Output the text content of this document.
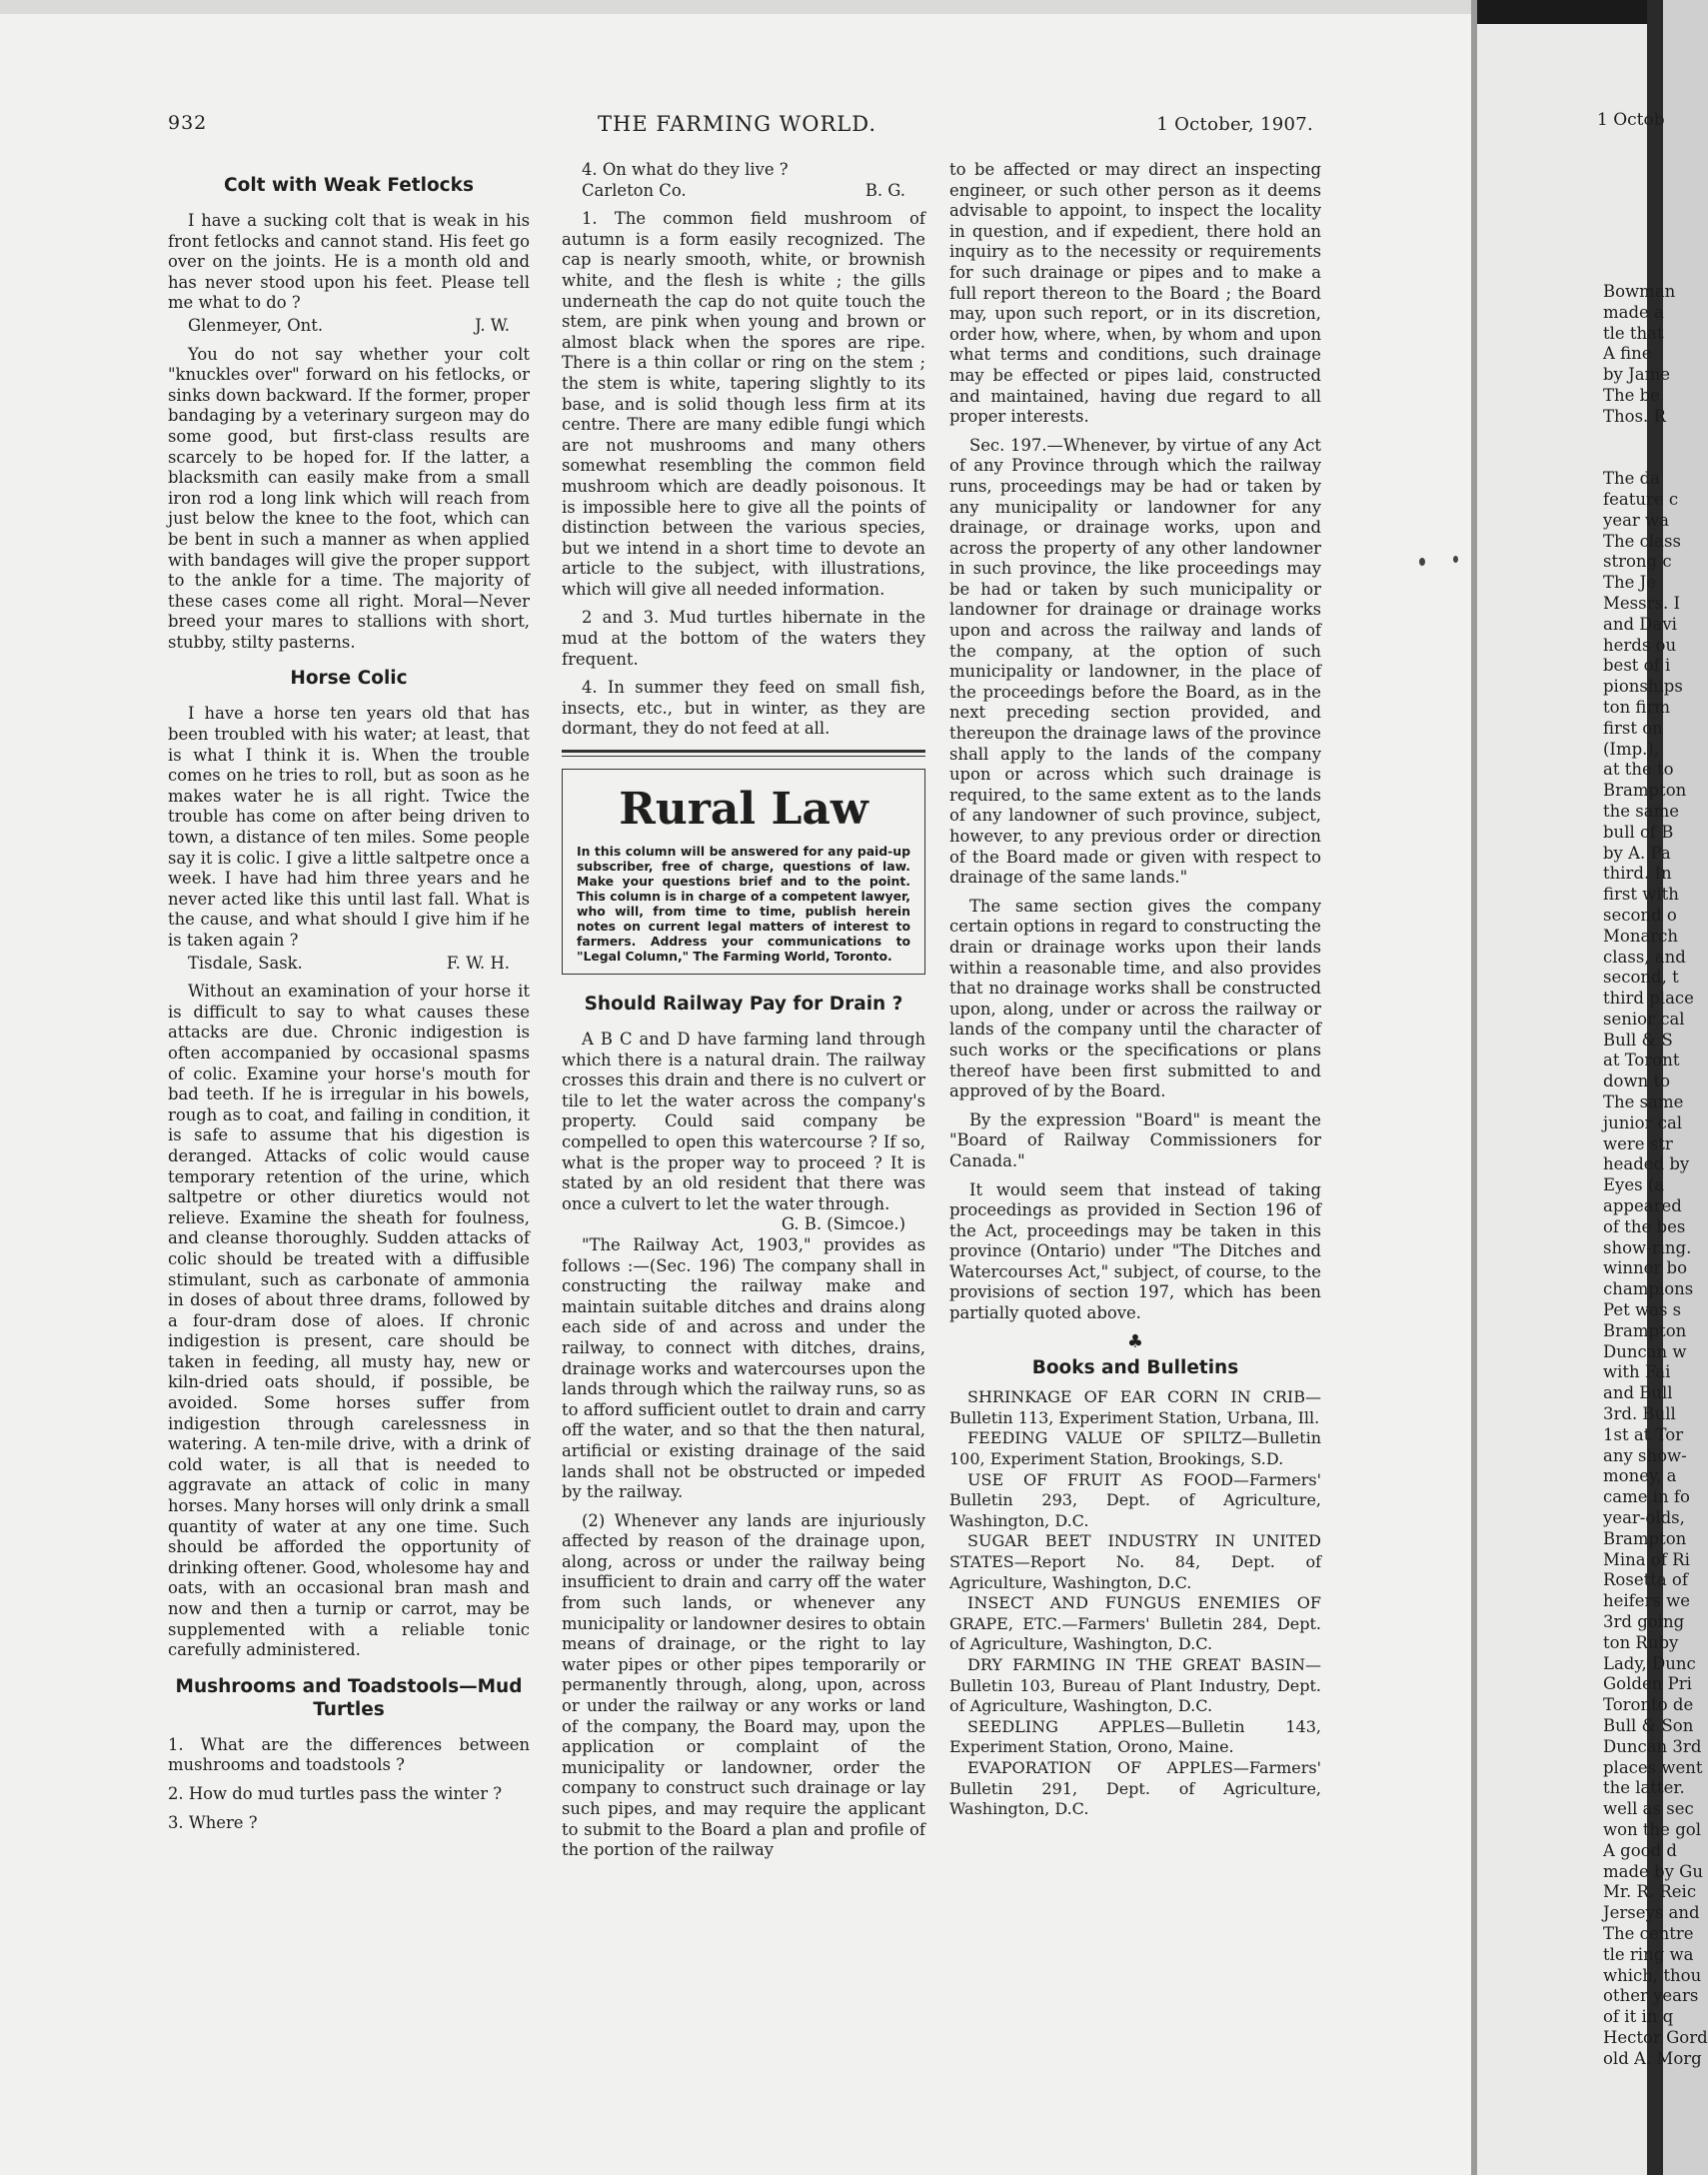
932	THE FARMING WORLD.	1 October, 1907.
Colt with Weak Fetlocks

I have a sucking colt that is weak in his front fetlocks and cannot stand. His feet go over on the joints. He is a month old and has never stood upon his feet. Please tell me what to do ?

Glenmeyer, Ont.	J. W.

You do not say whether your colt "knuckles over" forward on his fetlocks, or sinks down backward. If the former, proper bandaging by a veterinary surgeon may do some good, but first-class results are scarcely to be hoped for. If the latter, a blacksmith can easily make from a small iron rod a long link which will reach from just below the knee to the foot, which can be bent in such a manner as when applied with bandages will give the proper support to the ankle for a time. The majority of these cases come all right. Moral—Never breed your mares to stallions with short, stubby, stilty pasterns.

Horse Colic

I have a horse ten years old that has been troubled with his water; at least, that is what I think it is. When the trouble comes on he tries to roll, but as soon as he makes water he is all right. Twice the trouble has come on after being driven to town, a distance of ten miles. Some people say it is colic. I give a little saltpetre once a week. I have had him three years and he never acted like this until last fall. What is the cause, and what should I give him if he is taken again ?

Tisdale, Sask.	F. W. H.

Without an examination of your horse it is difficult to say to what causes these attacks are due. Chronic indigestion is often accompanied by occasional spasms of colic. Examine your horse's mouth for bad teeth. If he is irregular in his bowels, rough as to coat, and failing in condition, it is safe to assume that his digestion is deranged. Attacks of colic would cause temporary retention of the urine, which saltpetre or other diuretics would not relieve. Examine the sheath for foulness, and cleanse thoroughly. Sudden attacks of colic should be treated with a diffusible stimulant, such as carbonate of ammonia in doses of about three drams, followed by a four-dram dose of aloes. If chronic indigestion is present, care should be taken in feeding, all musty hay, new or kiln-dried oats should, if possible, be avoided. Some horses suffer from indigestion through carelessness in watering. A ten-mile drive, with a drink of cold water, is all that is needed to aggravate an attack of colic in many horses. Many horses will only drink a small quantity of water at any one time. Such should be afforded the opportunity of drinking oftener. Good, wholesome hay and oats, with an occasional bran mash and now and then a turnip or carrot, may be supplemented with a reliable tonic carefully administered.

Mushrooms and Toadstools—Mud Turtles

1. What are the differences between mushrooms and toadstools ?

2. How do mud turtles pass the winter ?

3. Where ?

4. On what do they live ?

Carleton Co.	B. G.

1. The common field mushroom of autumn is a form easily recognized. The cap is nearly smooth, white, or brownish white, and the flesh is white ; the gills underneath the cap do not quite touch the stem, are pink when young and brown or almost black when the spores are ripe. There is a thin collar or ring on the stem ; the stem is white, tapering slightly to its base, and is solid though less firm at its centre. There are many edible fungi which are not mushrooms and many others somewhat resembling the common field mushroom which are deadly poisonous. It is impossible here to give all the points of distinction between the various species, but we intend in a short time to devote an article to the subject, with illustrations, which will give all needed information.

2 and 3. Mud turtles hibernate in the mud at the bottom of the waters they frequent.

4. In summer they feed on small fish, insects, etc., but in winter, as they are dormant, they do not feed at all.

Rural Law
In this column will be answered for any paid-up subscriber, free of charge, questions of law. Make your questions brief and to the point. This column is in charge of a competent lawyer, who will, from time to time, publish herein notes on current legal matters of interest to farmers. Address your communications to "Legal Column," The Farming World, Toronto.
Should Railway Pay for Drain ?

A B C and D have farming land through which there is a natural drain. The railway crosses this drain and there is no culvert or tile to let the water across the company's property. Could said company be compelled to open this watercourse ? If so, what is the proper way to proceed ? It is stated by an old resident that there was once a culvert to let the water through.

G. B. (Simcoe.)

"The Railway Act, 1903," provides as follows :—(Sec. 196) The company shall in constructing the railway make and maintain suitable ditches and drains along each side of and across and under the railway, to connect with ditches, drains, drainage works and watercourses upon the lands through which the railway runs, so as to afford sufficient outlet to drain and carry off the water, and so that the then natural, artificial or existing drainage of the said lands shall not be obstructed or impeded by the railway.

(2) Whenever any lands are injuriously affected by reason of the drainage upon, along, across or under the railway being insufficient to drain and carry off the water from such lands, or whenever any municipality or landowner desires to obtain means of drainage, or the right to lay water pipes or other pipes temporarily or permanently through, along, upon, across or under the railway or any works or land of the company, the Board may, upon the application or complaint of the municipality or landowner, order the company to construct such drainage or lay such pipes, and may require the applicant to submit to the Board a plan and profile of the portion of the railway

to be affected or may direct an inspecting engineer, or such other person as it deems advisable to appoint, to inspect the locality in question, and if expedient, there hold an inquiry as to the necessity or requirements for such drainage or pipes and to make a full report thereon to the Board ; the Board may, upon such report, or in its discretion, order how, where, when, by whom and upon what terms and conditions, such drainage may be effected or pipes laid, constructed and maintained, having due regard to all proper interests.

Sec. 197.—Whenever, by virtue of any Act of any Province through which the railway runs, proceedings may be had or taken by any municipality or landowner for any drainage, or drainage works, upon and across the property of any other landowner in such province, the like proceedings may be had or taken by such municipality or landowner for drainage or drainage works upon and across the railway and lands of the company, at the option of such municipality or landowner, in the place of the proceedings before the Board, as in the next preceding section provided, and thereupon the drainage laws of the province shall apply to the lands of the company upon or across which such drainage is required, to the same extent as to the lands of any landowner of such province, subject, however, to any previous order or direction of the Board made or given with respect to drainage of the same lands."

The same section gives the company certain options in regard to constructing the drain or drainage works upon their lands within a reasonable time, and also provides that no drainage works shall be constructed upon, along, under or across the railway or lands of the company until the character of such works or the specifications or plans thereof have been first submitted to and approved of by the Board.

By the expression "Board" is meant the "Board of Railway Commissioners for Canada."

It would seem that instead of taking proceedings as provided in Section 196 of the Act, proceedings may be taken in this province (Ontario) under "The Ditches and Watercourses Act," subject, of course, to the provisions of section 197, which has been partially quoted above.

♣
Books and Bulletins

SHRINKAGE OF EAR CORN IN CRIB—Bulletin 113, Experiment Station, Urbana, Ill.

FEEDING VALUE OF SPILTZ—Bulletin 100, Experiment Station, Brookings, S.D.

USE OF FRUIT AS FOOD—Farmers' Bulletin 293, Dept. of Agriculture, Washington, D.C.

SUGAR BEET INDUSTRY IN UNITED STATES—Report No. 84, Dept. of Agriculture, Washington, D.C.

INSECT AND FUNGUS ENEMIES OF GRAPE, ETC.—Farmers' Bulletin 284, Dept. of Agriculture, Washington, D.C.

DRY FARMING IN THE GREAT BASIN—Bulletin 103, Bureau of Plant Industry, Dept. of Agriculture, Washington, D.C.

SEEDLING APPLES—Bulletin 143, Experiment Station, Orono, Maine.

EVAPORATION OF APPLES—Farmers' Bulletin 291, Dept. of Agriculture, Washington, D.C.

1 Octob
Bowman
made a
tle that
A fine
by Jame
The be
Thos. R
The da
feature c
year wa
The class
strong c
The Je
Messrs. I
and Davi
herds ou
best of i
pionships
ton firm
first on
(Imp.),
at the to
Brampton
the same
bull of B
by A. Pa
third. In
first with
second o
Monarch
class, and
second, t
third place
senior cal
Bull & S
at Toront
down to
The same
junior cal
were str
headed by
Eyes (a
appeared
of the bes
show-ring.
winner bo
champions
Pet was s
Brampton
Duncan w
with Fai
and Bull
3rd. Bull
1st at Tor
any show-
money, a
came in fo
year-olds,
Brampton
Mina of Ri
Rosetta of
heifers we
3rd going
ton Ruby
Lady, Dunc
Golden Pri
Toronto de
Bull & Son
Duncan 3rd
places went
the latter.
well as sec
won the gol
A good d
made by Gu
Mr. R. Reic
Jerseys and
The centre
tle ring wa
which, thou
other years
of it in q
Hector Gord
old A. Morg
